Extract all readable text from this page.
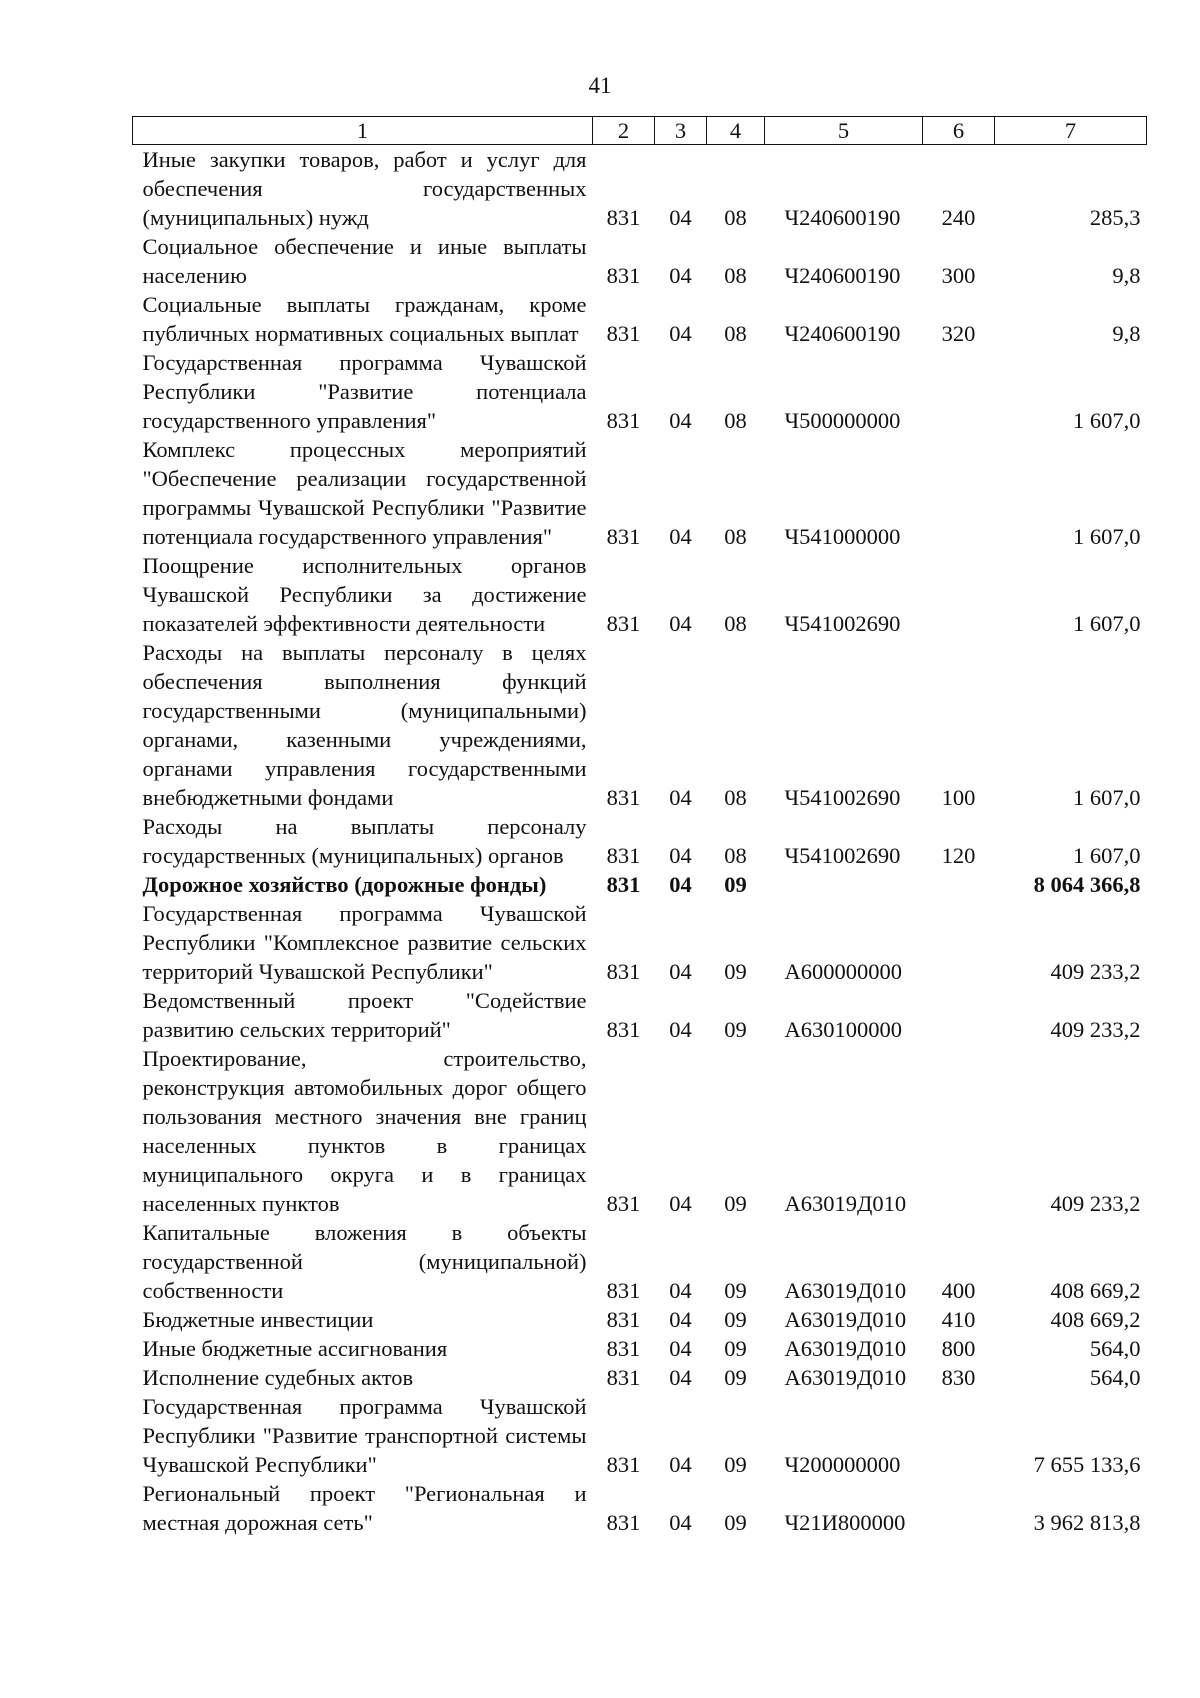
41
1	2	3	4	5	6	7
Иные закупки товаров, работ и услуг для обеспечения государственных (муниципальных) нужд	831	04	08	Ч240600190	240	285,3
Социальное обеспечение и иные выплаты населению	831	04	08	Ч240600190	300	9,8
Социальные выплаты гражданам, кроме публичных нормативных социальных выплат	831	04	08	Ч240600190	320	9,8
Государственная программа Чувашской Республики "Развитие потенциала государственного управления"	831	04	08	Ч500000000		1 607,0
Комплекс процессных мероприятий "Обеспечение реализации государственной программы Чувашской Республики "Развитие потенциала государственного управления"	831	04	08	Ч541000000		1 607,0
Поощрение исполнительных органов Чувашской Республики за достижение показателей эффективности деятельности	831	04	08	Ч541002690		1 607,0
Расходы на выплаты персоналу в целях обеспечения выполнения функций государственными (муниципальными) органами, казенными учреждениями, органами управления государственными внебюджетными фондами	831	04	08	Ч541002690	100	1 607,0
Расходы на выплаты персоналу государственных (муниципальных) органов	831	04	08	Ч541002690	120	1 607,0
Дорожное хозяйство (дорожные фонды)	831	04	09			8 064 366,8
Государственная программа Чувашской Республики "Комплексное развитие сельских территорий Чувашской Республики"	831	04	09	А600000000		409 233,2
Ведомственный проект "Содействие развитию сельских территорий"	831	04	09	А630100000		409 233,2
Проектирование, строительство, реконструкция автомобильных дорог общего пользования местного значения вне границ населенных пунктов в границах муниципального округа и в границах населенных пунктов	831	04	09	А63019Д010		409 233,2
Капитальные вложения в объекты государственной (муниципальной) собственности	831	04	09	А63019Д010	400	408 669,2
Бюджетные инвестиции	831	04	09	А63019Д010	410	408 669,2
Иные бюджетные ассигнования	831	04	09	А63019Д010	800	564,0
Исполнение судебных актов	831	04	09	А63019Д010	830	564,0
Государственная программа Чувашской Республики "Развитие транспортной системы Чувашской Республики"	831	04	09	Ч200000000		7 655 133,6
Региональный проект "Региональная и местная дорожная сеть"	831	04	09	Ч21И800000		3 962 813,8
